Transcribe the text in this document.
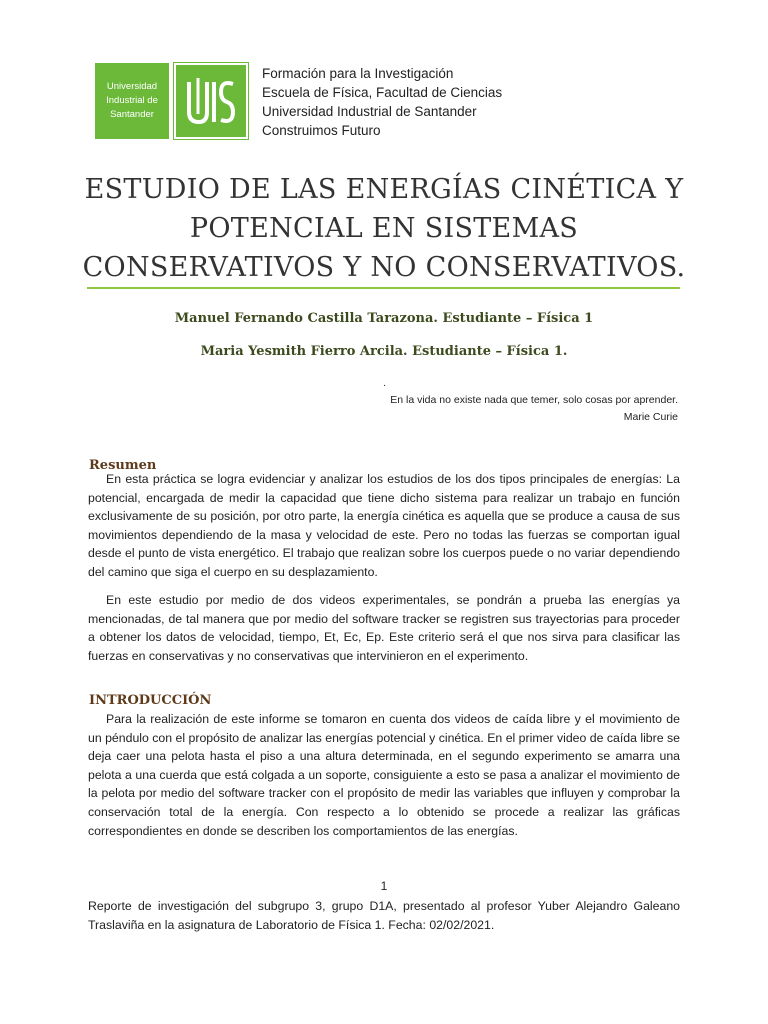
Universidad
Industrial de
Santander
Formación para la Investigación
Escuela de Física, Facultad de Ciencias
Universidad Industrial de Santander
Construimos Futuro
ESTUDIO DE LAS ENERGÍAS CINÉTICA Y
POTENCIAL EN SISTEMAS
CONSERVATIVOS Y NO CONSERVATIVOS.
Manuel Fernando Castilla Tarazona. Estudiante – Física 1
Maria Yesmith Fierro Arcila. Estudiante – Física 1.
.
En la vida no existe nada que temer, solo cosas por aprender.
Marie Curie
Resumen
En esta práctica se logra evidenciar y analizar los estudios de los dos tipos principales de energías: La potencial, encargada de medir la capacidad que tiene dicho sistema para realizar un trabajo en función exclusivamente de su posición, por otro parte, la energía cinética es aquella que se produce a causa de sus movimientos dependiendo de la masa y velocidad de este. Pero no todas las fuerzas se comportan igual desde el punto de vista energético. El trabajo que realizan sobre los cuerpos puede o no variar dependiendo del camino que siga el cuerpo en su desplazamiento.
En este estudio por medio de dos videos experimentales, se pondrán a prueba las energías ya mencionadas, de tal manera que por medio del software tracker se registren sus trayectorias para proceder a obtener los datos de velocidad, tiempo, Et, Ec, Ep. Este criterio será el que nos sirva para clasificar las fuerzas en conservativas y no conservativas que intervinieron en el experimento.
INTRODUCCIÓN
Para la realización de este informe se tomaron en cuenta dos videos de caída libre y el movimiento de un péndulo con el propósito de analizar las energías potencial y cinética. En el primer video de caída libre se deja caer una pelota hasta el piso a una altura determinada, en el segundo experimento se amarra una pelota a una cuerda que está colgada a un soporte, consiguiente a esto se pasa a analizar el movimiento de la pelota por medio del software tracker con el propósito de medir las variables que influyen y comprobar la conservación total de la energía. Con respecto a lo obtenido se procede a realizar las gráficas correspondientes en donde se describen los comportamientos de las energías.
1
Reporte de investigación del subgrupo 3, grupo D1A, presentado al profesor Yuber Alejandro Galeano Traslaviña en la asignatura de Laboratorio de Física 1. Fecha: 02/02/2021.
